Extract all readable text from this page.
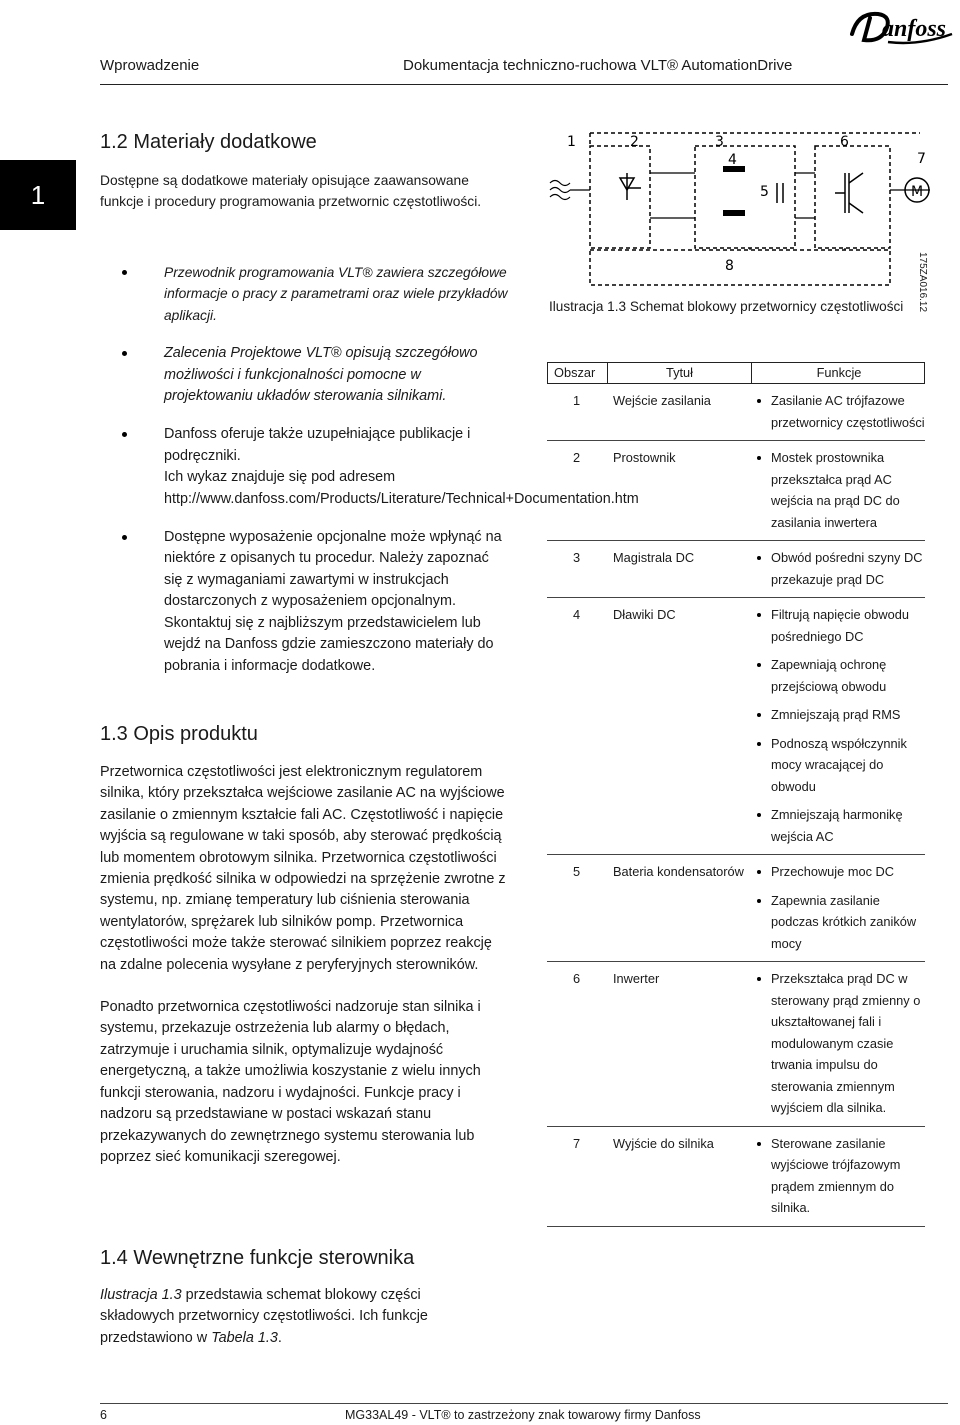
anfoss
Wprowadzenie	Dokumentacja techniczno-ruchowa VLT® AutomationDrive
1
1.2 Materiały dodatkowe
Dostępne są dodatkowe materiały opisujące zaawansowane funkcje i procedury programowania przetwornic częstotliwości.
Przewodnik programowania VLT® zawiera szczegółowe informacje o pracy z parametrami oraz wiele przykładów aplikacji.
Zalecenia Projektowe VLT® opisują szczegółowo możliwości i funkcjonalności pomocne w projektowaniu układów sterowania silnikami.
Danfoss oferuje także uzupełniające publikacje i podręczniki.
Ich wykaz znajduje się pod adresem http://www.danfoss.com/Products/Literature/Technical+Documentation.htm
Dostępne wyposażenie opcjonalne może wpłynąć na niektóre z opisanych tu procedur. Należy zapoznać się z wymaganiami zawartymi w instrukcjach dostarczonych z wyposażeniem opcjonalnym. Skontaktuj się z najbliższym przedstawicielem lub wejdź na Danfoss gdzie zamieszczono materiały do pobrania i informacje dodatkowe.
1.3 Opis produktu

Przetwornica częstotliwości jest elektronicznym regulatorem silnika, który przekształca wejściowe zasilanie AC na wyjściowe zasilanie o zmiennym kształcie fali AC. Częstotliwość i napięcie wyjścia są regulowane w taki sposób, aby sterować prędkością lub momentem obrotowym silnika. Przetwornica częstotliwości zmienia prędkość silnika w odpowiedzi na sprzężenie zwrotne z systemu, np. zmianę temperatury lub ciśnienia sterowania wentylatorów, sprężarek lub silników pomp. Przetwornica częstotliwości może także sterować silnikiem poprzez reakcję na zdalne polecenia wysyłane z peryferyjnych sterowników.

Ponadto przetwornica częstotliwości nadzoruje stan silnika i systemu, przekazuje ostrzeżenia lub alarmy o błędach, zatrzymuje i uruchamia silnik, optymalizuje wydajność energetyczną, a także umożliwia koszystanie z wielu innych funkcji sterowania, nadzoru i wydajności. Funkcje pracy i nadzoru są przedstawiane w postaci wskazań stanu przekazywanych do zewnętrznego systemu sterowania lub poprzez sieć komunikacji szeregowej.

1.4 Wewnętrzne funkcje sterownika
Ilustracja 1.3 przedstawia schemat blokowy części składowych przetwornicy częstotliwości. Ich funkcje przedstawiono w Tabela 1.3.
M
1	2	3
4
5
6
7
8	175ZA016.12
Ilustracja 1.3 Schemat blokowy przetwornicy częstotliwości
Obszar	Tytuł	Funkcje
1	Wejście zasilania	Zasilanie AC trójfazowe przetwornicy częstotliwości
2	Prostownik	Mostek prostownika przekształca prąd AC wejścia na prąd DC do zasilania inwertera
3	Magistrala DC	Obwód pośredni szyny DC przekazuje prąd DC
4	Dławiki DC	Filtrują napięcie obwodu pośredniego DC
Zapewniają ochronę przejściową obwodu
Zmniejszają prąd RMS
Podnoszą współczynnik mocy wracającej do obwodu
Zmniejszają harmonikę wejścia AC
5	Bateria kondensatorów	Przechowuje moc DC
Zapewnia zasilanie podczas krótkich zaników mocy
6	Inwerter	Przekształca prąd DC w sterowany prąd zmienny o ukształtowanej fali i modulowanym czasie trwania impulsu do sterowania zmiennym wyjściem dla silnika.
7	Wyjście do silnika	Sterowane zasilanie wyjściowe trójfazowym prądem zmiennym do silnika.
6	MG33AL49 - VLT® to zastrzeżony znak towarowy firmy Danfoss
